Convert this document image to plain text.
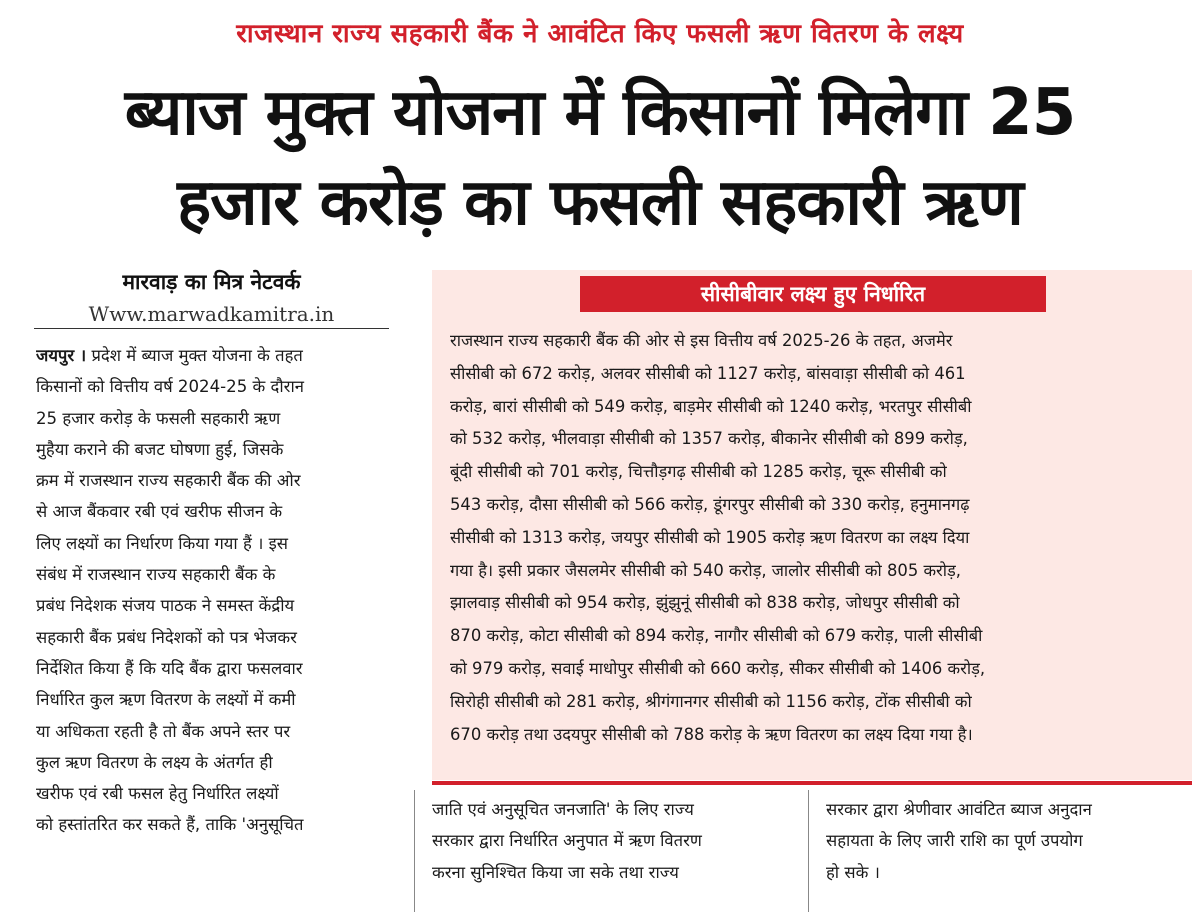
राजस्थान राज्य सहकारी बैंक ने आवंटित किए फसली ऋण वितरण के लक्ष्य
ब्याज मुक्त योजना में किसानों मिलेगा 25
हजार करोड़ का फसली सहकारी ऋण
मारवाड़ का मित्र नेटवर्क
Www.marwadkamitra.in
जयपुर । प्रदेश में ब्याज मुक्त योजना के तहत
किसानों को वित्तीय वर्ष 2024-25 के दौरान
25 हजार करोड़ के फसली सहकारी ऋण
मुहैया कराने की बजट घोषणा हुई, जिसके
क्रम में राजस्थान राज्य सहकारी बैंक की ओर
से आज बैंकवार रबी एवं खरीफ सीजन के
लिए लक्ष्यों का निर्धारण किया गया हैं । इस
संबंध में राजस्थान राज्य सहकारी बैंक के
प्रबंध निदेशक संजय पाठक ने समस्त केंद्रीय
सहकारी बैंक प्रबंध निदेशकों को पत्र भेजकर
निर्देशित किया हैं कि यदि बैंक द्वारा फसलवार
निर्धारित कुल ऋण वितरण के लक्ष्यों में कमी
या अधिकता रहती है तो बैंक अपने स्तर पर
कुल ऋण वितरण के लक्ष्य के अंतर्गत ही
खरीफ एवं रबी फसल हेतु निर्धारित लक्ष्यों
को हस्तांतरित कर सकते हैं, ताकि 'अनुसूचित
सीसीबीवार लक्ष्य हुए निर्धारित
राजस्थान राज्य सहकारी बैंक की ओर से इस वित्तीय वर्ष 2025-26 के तहत, अजमेर
सीसीबी को 672 करोड़, अलवर सीसीबी को 1127 करोड़, बांसवाड़ा सीसीबी को 461
करोड़, बारां सीसीबी को 549 करोड़, बाड़मेर सीसीबी को 1240 करोड़, भरतपुर सीसीबी
को 532 करोड़, भीलवाड़ा सीसीबी को 1357 करोड़, बीकानेर सीसीबी को 899 करोड़,
बूंदी सीसीबी को 701 करोड़, चित्तौड़गढ़ सीसीबी को 1285 करोड़, चूरू सीसीबी को
543 करोड़, दौसा सीसीबी को 566 करोड़, डूंगरपुर सीसीबी को 330 करोड़, हनुमानगढ़
सीसीबी को 1313 करोड़, जयपुर सीसीबी को 1905 करोड़ ऋण वितरण का लक्ष्य दिया
गया है। इसी प्रकार जैसलमेर सीसीबी को 540 करोड़, जालोर सीसीबी को 805 करोड़,
झालवाड़ सीसीबी को 954 करोड़, झुंझुनूं सीसीबी को 838 करोड़, जोधपुर सीसीबी को
870 करोड़, कोटा सीसीबी को 894 करोड़, नागौर सीसीबी को 679 करोड़, पाली सीसीबी
को 979 करोड़, सवाई माधोपुर सीसीबी को 660 करोड़, सीकर सीसीबी को 1406 करोड़,
सिरोही सीसीबी को 281 करोड़, श्रीगंगानगर सीसीबी को 1156 करोड़, टोंक सीसीबी को
670 करोड़ तथा उदयपुर सीसीबी को 788 करोड़ के ऋण वितरण का लक्ष्य दिया गया है।
जाति एवं अनुसूचित जनजाति' के लिए राज्य
सरकार द्वारा निर्धारित अनुपात में ऋण वितरण
करना सुनिश्चित किया जा सके तथा राज्य
सरकार द्वारा श्रेणीवार आवंटित ब्याज अनुदान
सहायता के लिए जारी राशि का पूर्ण उपयोग
हो सके ।
